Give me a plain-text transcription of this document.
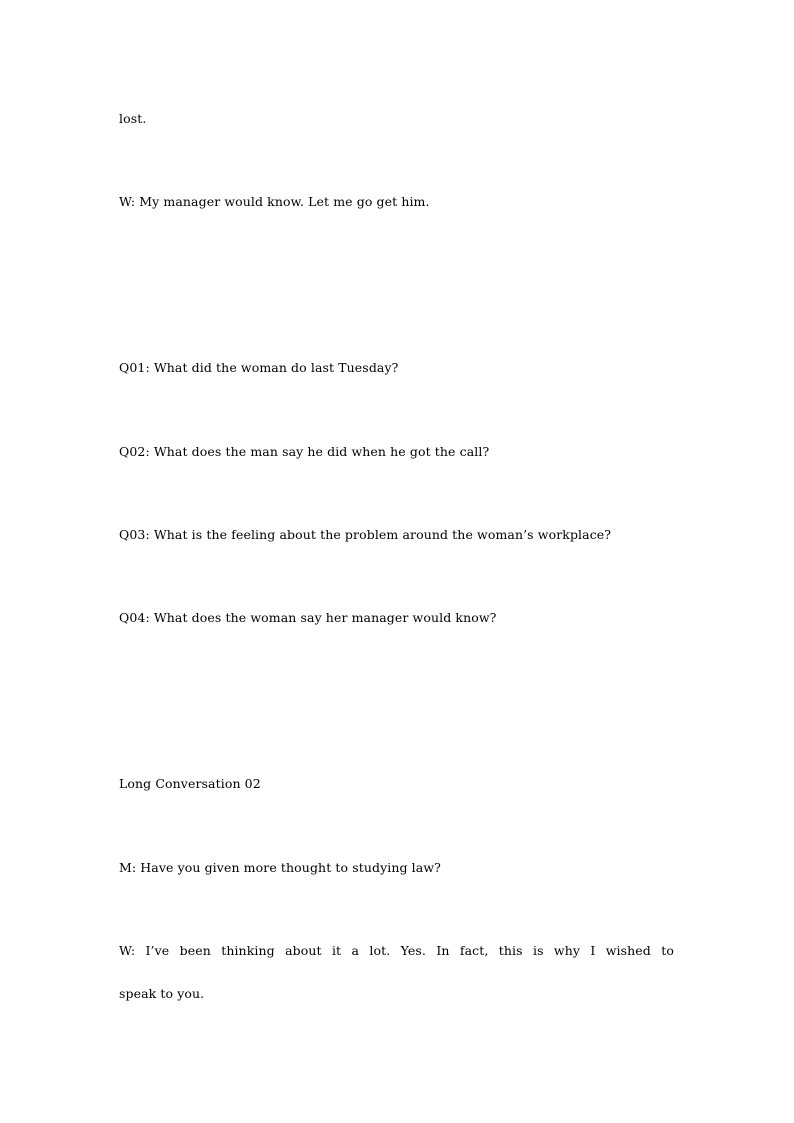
lost.

W: My manager would know. Let me go get him.

Q01: What did the woman do last Tuesday?

Q02: What does the man say he did when he got the call?

Q03: What is the feeling about the problem around the woman’s workplace?

Q04: What does the woman say her manager would know?

Long Conversation 02

M: Have you given more thought to studying law?

W: I’ve been thinking about it a lot. Yes. In fact, this is why I wished to

speak to you.
